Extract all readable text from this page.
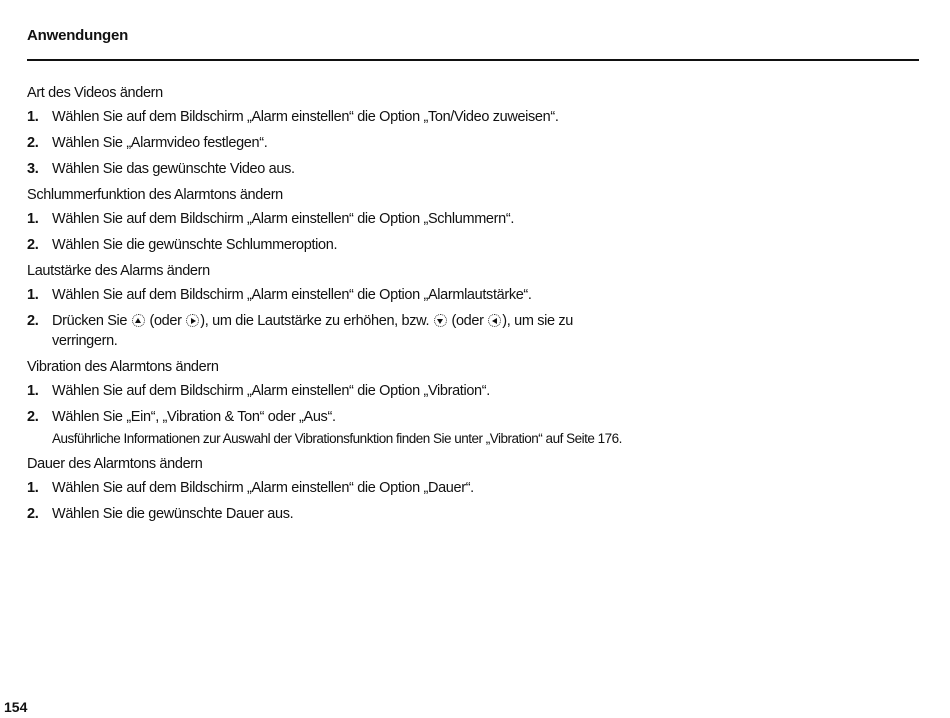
Anwendungen
Art des Videos ändern
1. Wählen Sie auf dem Bildschirm „Alarm einstellen“ die Option „Ton/Video zuweisen“.
2. Wählen Sie „Alarmvideo festlegen“.
3. Wählen Sie das gewünschte Video aus.
Schlummerfunktion des Alarmtons ändern
1. Wählen Sie auf dem Bildschirm „Alarm einstellen“ die Option „Schlummern“.
2. Wählen Sie die gewünschte Schlummeroption.
Lautstärke des Alarms ändern
1. Wählen Sie auf dem Bildschirm „Alarm einstellen“ die Option „Alarmlautstärke“.
2. Drücken Sie  (oder ), um die Lautstärke zu erhöhen, bzw.  (oder ), um sie zu verringern.
Vibration des Alarmtons ändern
1. Wählen Sie auf dem Bildschirm „Alarm einstellen“ die Option „Vibration“.
2. Wählen Sie „Ein“, „Vibration & Ton“ oder „Aus“.
Ausführliche Informationen zur Auswahl der Vibrationsfunktion finden Sie unter „Vibration“ auf Seite 176.
Dauer des Alarmtons ändern
1. Wählen Sie auf dem Bildschirm „Alarm einstellen“ die Option „Dauer“.
2. Wählen Sie die gewünschte Dauer aus.
154
